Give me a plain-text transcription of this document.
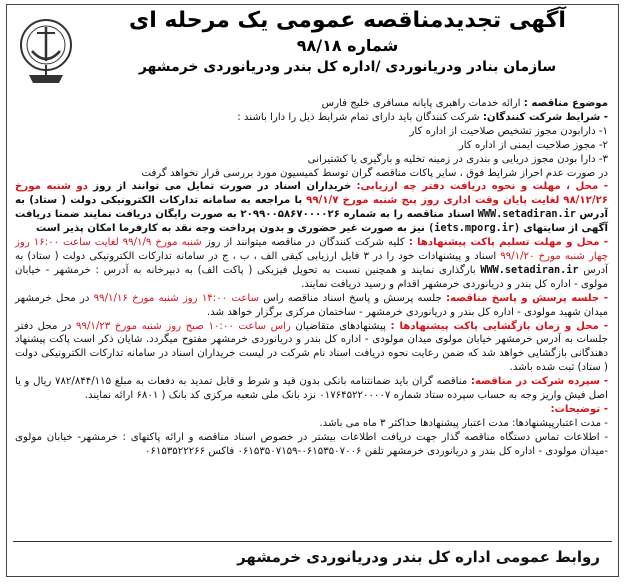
آگهی تجدیدمناقصه عمومی یک مرحله ای
شماره ۹۸/۱۸
سازمان بنادر ودریانوردی /اداره کل بندر ودریانوردی خرمشهر

موضوع مناقصه : ارائه خدمات راهبری پایانه مسافری خلیج فارس

- شرایط شرکت کنندگان: شرکت کنندگان باید دارای تمام شرایط ذیل را دارا باشند :

۱- دارابودن مجوز تشخیص صلاحیت از اداره کار

۲- مجوز صلاحیت ایمنی از اداره کار

۳- دارا بودن مجوز دریایی و بندری در زمینه تخلیه و بارگیری یا کشتیرانی

در صورت عدم احراز شرایط فوق ، سایر پاکات مناقصه گران توسط کمیسیون مورد بررسی قرار نخواهد گرفت

- محل ، مهلت و نحوه دریافت دفتر چه ارزیابی: خریداران اسناد در صورت تمایل می توانند از روز دو شنبه مورخ ۹۸/۱۲/۲۶ لغایت پایان وقت اداری روز پنج شنبه مورخ ۹۹/۱/۷ با مراجعه به سامانه تدارکات الکترونیکی دولت ( ستاد) به آدرس WWW.setadiran.ir اسناد مناقصه را به شماره ۲۰۹۹۰۰۵۸۶۷۰۰۰۰۲۶ به صورت رایگان دریافت نمایند ضمنا دریافت آگهی از سایتهای (iets.mporg.ir) نیز به صورت غیر حضوری و بدون پرداخت وجه نقد به کارفرما امکان پذیر است

- محل و مهلت تسلیم پاکت پیشنهادها : کلیه شرکت کنندگان در مناقصه میتوانند از روز شنبه مورخ ۹۹/۱/۹ لغایت ساعت ۱۶:۰۰ روز چهار شنبه مورخ ۹۹/۱/۲۰ اسناد و پیشنهادات خود را در ۳ فایل ارزیابی کیفی الف ، ب ، ج در سامانه تدارکات الکترونیکی دولت ( ستاد) به آدرس WWW.setadiran.ir بارگذاری نمایند و همچنین نسبت به تحویل فیزیکی ( پاکت الف) به دبیرخانه به آدرس : خرمشهر - خیابان مولوی - اداره کل بندر و دریانوردی خرمشهر اقدام و رسید دریافت نمایند.

- جلسه پرسش و پاسخ مناقصه: جلسه پرسش و پاسخ اسناد مناقصه راس ساعت ۱۴:۰۰ روز شنبه مورخ ۹۹/۱/۱۶ در محل خرمشهر میدان شهید مولودی - اداره کل بندر و دریانوردی خرمشهر - ساختمان مرکزی برگزار خواهد شد.

- محل و زمان بازگشایی پاکت پیشنهادها : پیشنهادهای متقاضیان راس ساعت ۱۰:۰۰ صبح روز شنبه مورخ ۹۹/۱/۲۳ در محل دفتر جلسات به آدرس خرمشهر خیابان مولوی میدان مولودی - اداره کل بندر و دریانوردی خرمشهر مفتوح میگردد. شایان ذکر است پاکت پیشنهاد دهندگانی بازگشایی خواهد شد که ضمن رعایت نحوه دریافت اسناد نام شرکت در لیست خریداران اسناد در سامانه تدارکات الکترونیکی دولت ( ستاد) ثبت شده باشد.

- سپرده شرکت در مناقصه: مناقصه گران باید ضمانتنامه بانکی بدون قید و شرط و قابل تمدید به دفعات به مبلغ ۷۸۲/۸۴۴/۱۱۵ ریال و یا اصل فیش واریز وجه به حساب سپرده ستاد شماره ۰۱۷۶۴۵۲۲۰۰۰۰۷ نزد بانک ملی شعبه مرکزی کد بانک ( ۶۸۰۱ ارائه نمایند.

- توضیحات:

- مدت اعتبارپیشنهادها: مدت اعتبار پیشنهادها حداکثر ۳ ماه می باشد.

- اطلاعات تماس دستگاه مناقصه گذار جهت دریافت اطلاعات بیشتر در خصوص اسناد مناقصه و ارائه پاکتهای : خرمشهر- خیابان مولوی -میدان مولودی - اداره کل بندر و دریانوردی خرمشهر تلفن ۰۶۱۵۳۵۰۷۰۰۶-۰۶۱۵۳۵۰۷۱۵۹ فاکس ۰۶۱۵۳۵۲۲۲۶۶

روابط عمومی اداره کل بندر ودریانوردی خرمشهر
